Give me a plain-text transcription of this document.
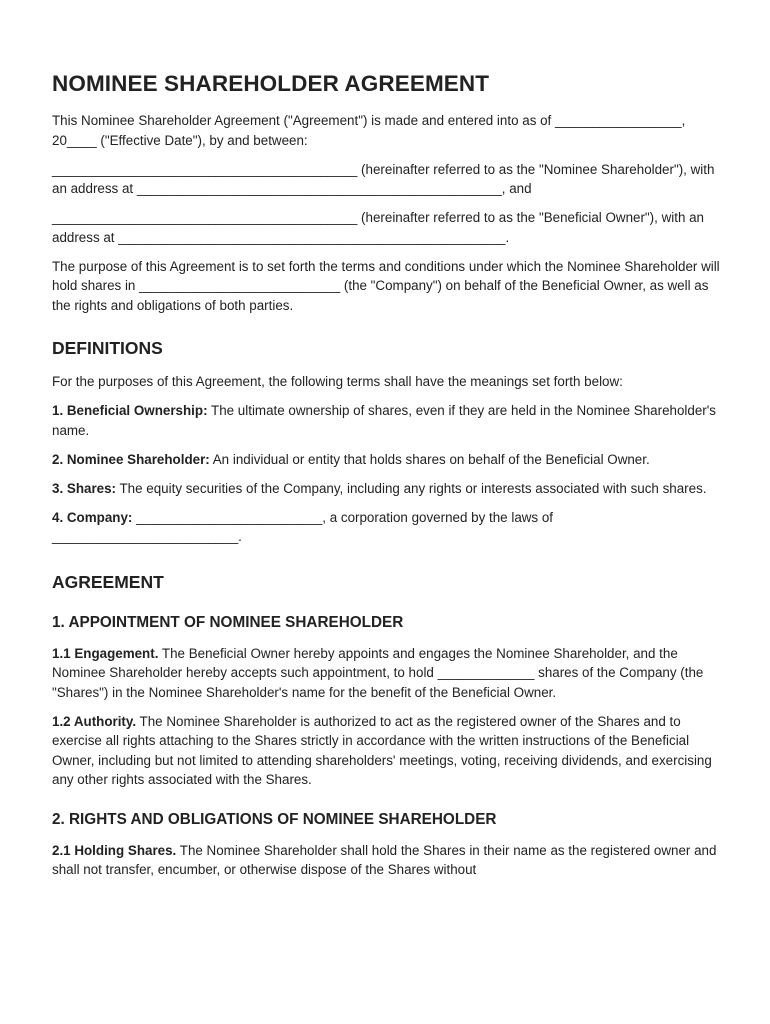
NOMINEE SHAREHOLDER AGREEMENT

This Nominee Shareholder Agreement ("Agreement") is made and entered into as of _________________, 20____ ("Effective Date"), by and between:

_________________________________________ (hereinafter referred to as the "Nominee Shareholder"), with an address at _________________________________________________, and

_________________________________________ (hereinafter referred to as the "Beneficial Owner"), with an address at ____________________________________________________.

The purpose of this Agreement is to set forth the terms and conditions under which the Nominee Shareholder will hold shares in ___________________________ (the "Company") on behalf of the Beneficial Owner, as well as the rights and obligations of both parties.

DEFINITIONS

For the purposes of this Agreement, the following terms shall have the meanings set forth below:

1. Beneficial Ownership: The ultimate ownership of shares, even if they are held in the Nominee Shareholder's name.

2. Nominee Shareholder: An individual or entity that holds shares on behalf of the Beneficial Owner.

3. Shares: The equity securities of the Company, including any rights or interests associated with such shares.

4. Company: _________________________, a corporation governed by the laws of _________________________.

AGREEMENT
1. APPOINTMENT OF NOMINEE SHAREHOLDER

1.1 Engagement. The Beneficial Owner hereby appoints and engages the Nominee Shareholder, and the Nominee Shareholder hereby accepts such appointment, to hold _____________ shares of the Company (the "Shares") in the Nominee Shareholder's name for the benefit of the Beneficial Owner.

1.2 Authority. The Nominee Shareholder is authorized to act as the registered owner of the Shares and to exercise all rights attaching to the Shares strictly in accordance with the written instructions of the Beneficial Owner, including but not limited to attending shareholders' meetings, voting, receiving dividends, and exercising any other rights associated with the Shares.

2. RIGHTS AND OBLIGATIONS OF NOMINEE SHAREHOLDER

2.1 Holding Shares. The Nominee Shareholder shall hold the Shares in their name as the registered owner and shall not transfer, encumber, or otherwise dispose of the Shares without
